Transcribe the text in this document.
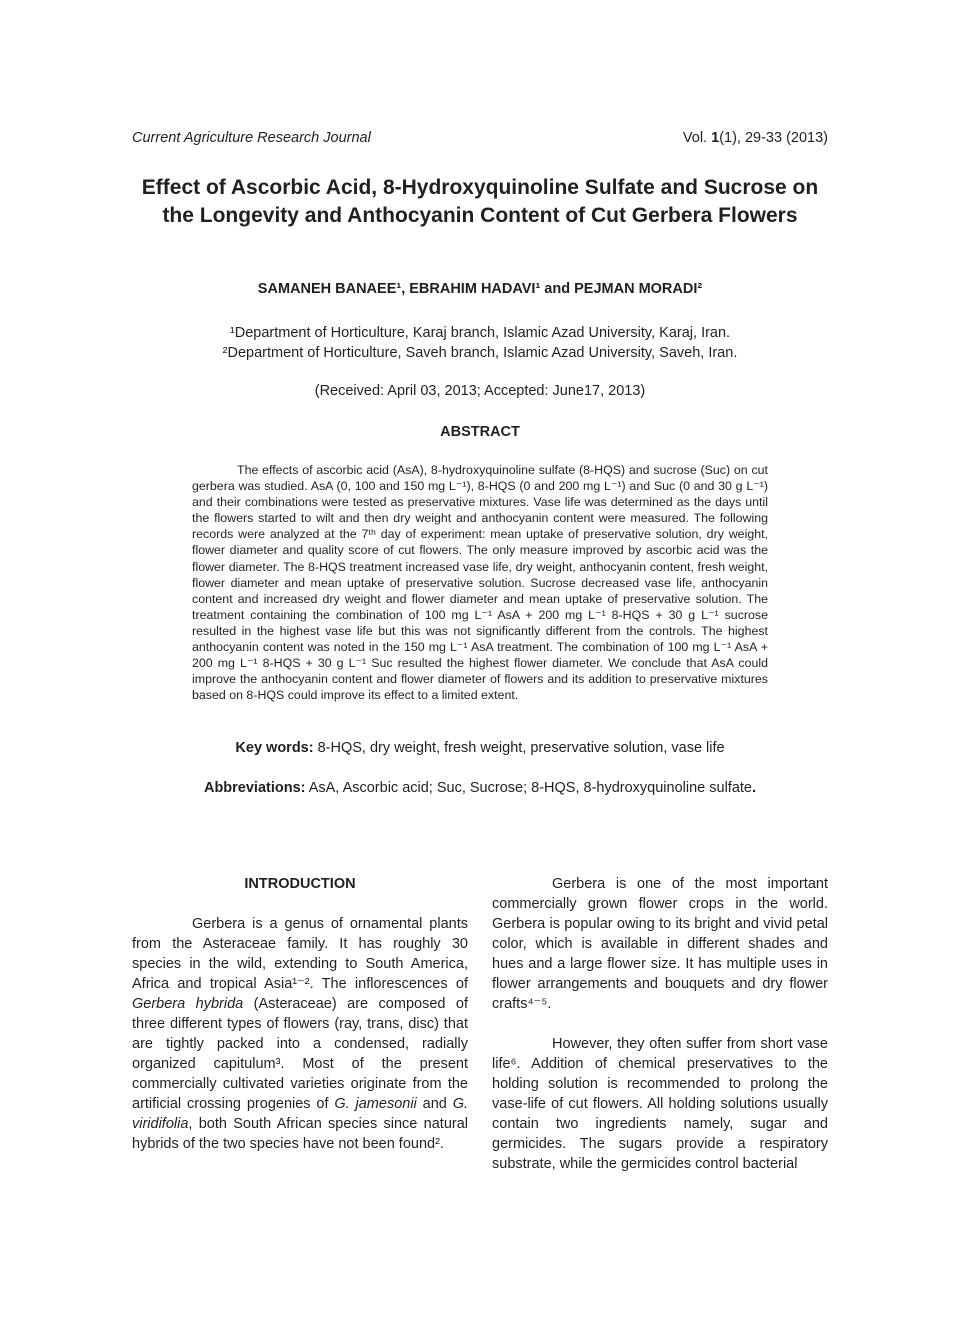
Current Agriculture Research Journal	Vol. 1(1), 29-33 (2013)
Effect of Ascorbic Acid, 8-Hydroxyquinoline Sulfate and Sucrose on the Longevity and Anthocyanin Content of Cut Gerbera Flowers
SAMANEH BANAEE¹, EBRAHIM HADAVI¹ and PEJMAN MORADI²
¹Department of Horticulture, Karaj branch, Islamic Azad University, Karaj, Iran.
²Department of Horticulture, Saveh branch, Islamic Azad University, Saveh, Iran.
(Received: April 03, 2013; Accepted: June17, 2013)
ABSTRACT
The effects of ascorbic acid (AsA), 8-hydroxyquinoline sulfate (8-HQS) and sucrose (Suc) on cut gerbera was studied. AsA (0, 100 and 150 mg L⁻¹), 8-HQS (0 and 200 mg L⁻¹) and Suc (0 and 30 g L⁻¹) and their combinations were tested as preservative mixtures. Vase life was determined as the days until the flowers started to wilt and then dry weight and anthocyanin content were measured. The following records were analyzed at the 7ᵗʰ day of experiment: mean uptake of preservative solution, dry weight, flower diameter and quality score of cut flowers. The only measure improved by ascorbic acid was the flower diameter. The 8-HQS treatment increased vase life, dry weight, anthocyanin content, fresh weight, flower diameter and mean uptake of preservative solution. Sucrose decreased vase life, anthocyanin content and increased dry weight and flower diameter and mean uptake of preservative solution. The treatment containing the combination of 100 mg L⁻¹ AsA + 200 mg L⁻¹ 8-HQS + 30 g L⁻¹ sucrose resulted in the highest vase life but this was not significantly different from the controls. The highest anthocyanin content was noted in the 150 mg L⁻¹ AsA treatment. The combination of 100 mg L⁻¹ AsA + 200 mg L⁻¹ 8-HQS + 30 g L⁻¹ Suc resulted the highest flower diameter. We conclude that AsA could improve the anthocyanin content and flower diameter of flowers and its addition to preservative mixtures based on 8-HQS could improve its effect to a limited extent.
Key words: 8-HQS, dry weight, fresh weight, preservative solution, vase life
Abbreviations: AsA, Ascorbic acid; Suc, Sucrose; 8-HQS, 8-hydroxyquinoline sulfate.
INTRODUCTION

Gerbera is a genus of ornamental plants from the Asteraceae family. It has roughly 30 species in the wild, extending to South America, Africa and tropical Asia¹⁻². The inflorescences of Gerbera hybrida (Asteraceae) are composed of three different types of flowers (ray, trans, disc) that are tightly packed into a condensed, radially organized capitulum³. Most of the present commercially cultivated varieties originate from the artificial crossing progenies of G. jamesonii and G. viridifolia, both South African species since natural hybrids of the two species have not been found².

Gerbera is one of the most important commercially grown flower crops in the world. Gerbera is popular owing to its bright and vivid petal color, which is available in different shades and hues and a large flower size. It has multiple uses in flower arrangements and bouquets and dry flower crafts⁴⁻⁵.

However, they often suffer from short vase life⁶. Addition of chemical preservatives to the holding solution is recommended to prolong the vase-life of cut flowers. All holding solutions usually contain two ingredients namely, sugar and germicides. The sugars provide a respiratory substrate, while the germicides control bacterial
